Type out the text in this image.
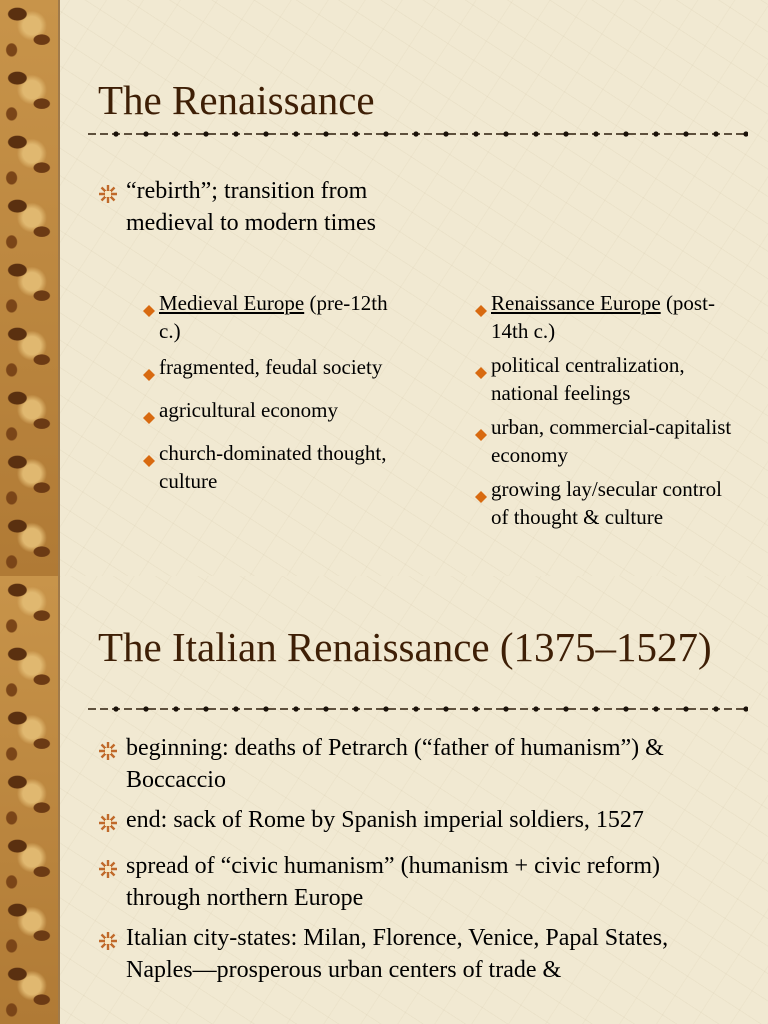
The Renaissance
“rebirth”; transition from medieval to modern times
Medieval Europe (pre-12th c.)
fragmented, feudal society
agricultural economy
church-dominated thought, culture
Renaissance Europe (post-14th c.)
political centralization, national feelings
urban, commercial-capitalist economy
growing lay/secular control of thought & culture
The Italian Renaissance (1375–1527)
beginning: deaths of Petrarch (“father of humanism”) & Boccaccio
end: sack of Rome by Spanish imperial soldiers, 1527
spread of “civic humanism” (humanism + civic reform) through northern Europe
Italian city-states: Milan, Florence, Venice, Papal States, Naples—prosperous urban centers of trade &
